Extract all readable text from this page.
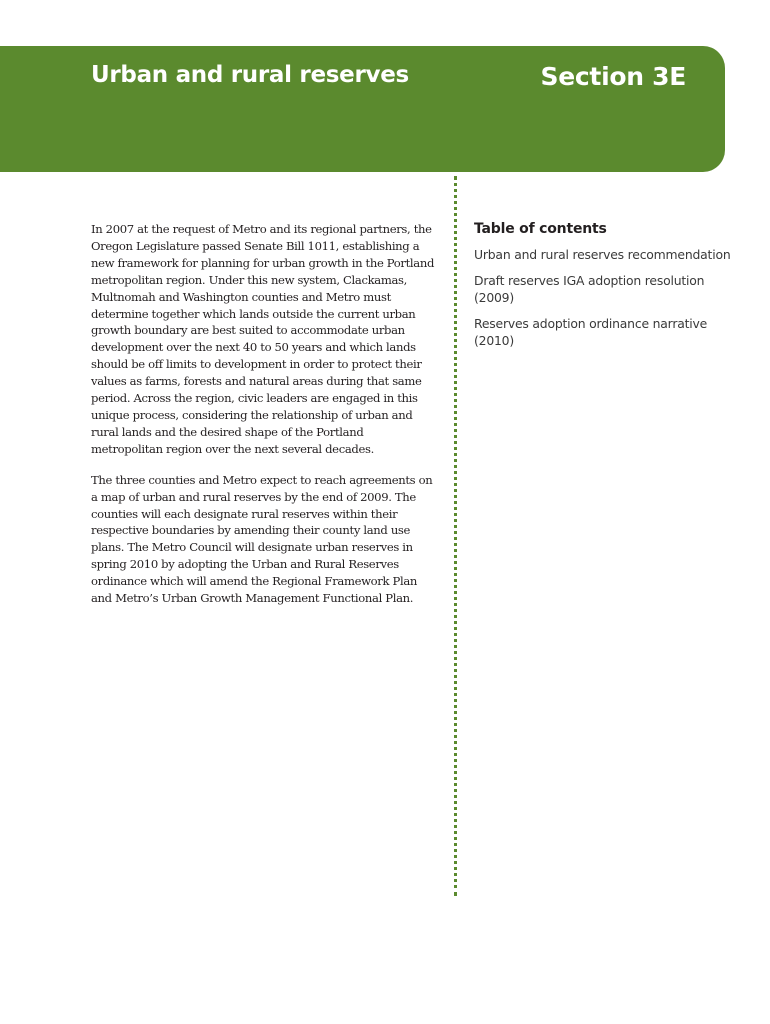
Urban and rural reserves	Section 3E

In 2007 at the request of Metro and its regional partners, the Oregon Legislature passed Senate Bill 1011, establishing a new framework for planning for urban growth in the Portland metropolitan region. Under this new system, Clackamas, Multnomah and Washington counties and Metro must determine together which lands outside the current urban growth boundary are best suited to accommodate urban development over the next 40 to 50 years and which lands should be off limits to development in order to protect their values as farms, forests and natural areas during that same period. Across the region, civic leaders are engaged in this unique process, considering the relationship of urban and rural lands and the desired shape of the Portland metropolitan region over the next several decades.

The three counties and Metro expect to reach agreements on a map of urban and rural reserves by the end of 2009. The counties will each designate rural reserves within their respective boundaries by amending their county land use plans. The Metro Council will designate urban reserves in spring 2010 by adopting the Urban and Rural Reserves ordinance which will amend the Regional Framework Plan and Metro’s Urban Growth Management Functional Plan.

Table of contents
Urban and rural reserves recommendation
Draft reserves IGA adoption resolution (2009)
Reserves adoption ordinance narrative (2010)
